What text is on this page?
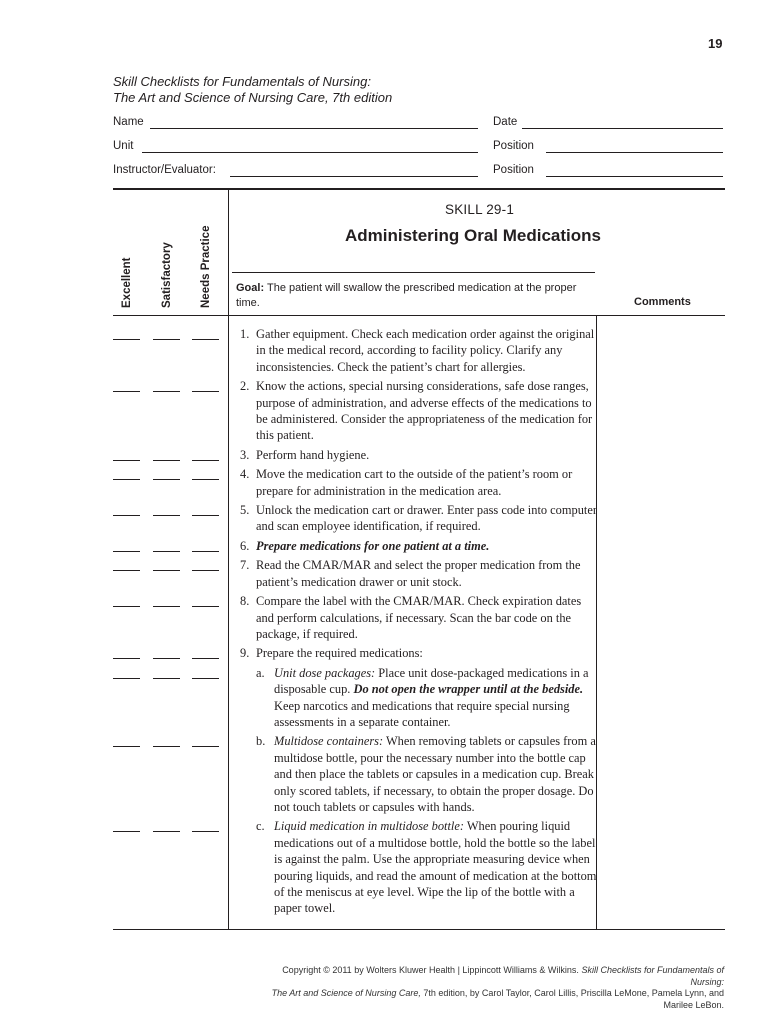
19
Skill Checklists for Fundamentals of Nursing:
The Art and Science of Nursing Care, 7th edition
Name	Date
Unit	Position
Instructor/Evaluator:	Position
Excellent Satisfactory Needs Practice
SKILL 29-1
Administering Oral Medications
Goal: The patient will swallow the prescribed medication at the proper time.	Comments
1. Gather equipment. Check each medication order against the original in the medical record, according to facility policy. Clarify any inconsistencies. Check the patient’s chart for allergies.
2. Know the actions, special nursing considerations, safe dose ranges, purpose of administration, and adverse effects of the medications to be administered. Consider the appropriateness of the medication for this patient.
3. Perform hand hygiene.
4. Move the medication cart to the outside of the patient’s room or prepare for administration in the medication area.
5. Unlock the medication cart or drawer. Enter pass code into computer and scan employee identification, if required.
6. Prepare medications for one patient at a time.
7. Read the CMAR/MAR and select the proper medication from the patient’s medication drawer or unit stock.
8. Compare the label with the CMAR/MAR. Check expiration dates and perform calculations, if necessary. Scan the bar code on the package, if required.
9. Prepare the required medications:
a. Unit dose packages: Place unit dose-packaged medications in a disposable cup. Do not open the wrapper until at the bedside. Keep narcotics and medications that require special nursing assessments in a separate container.
b. Multidose containers: When removing tablets or capsules from a multidose bottle, pour the necessary number into the bottle cap and then place the tablets or capsules in a medication cup. Break only scored tablets, if necessary, to obtain the proper dosage. Do not touch tablets or capsules with hands.
c. Liquid medication in multidose bottle: When pouring liquid medications out of a multidose bottle, hold the bottle so the label is against the palm. Use the appropriate measuring device when pouring liquids, and read the amount of medication at the bottom of the meniscus at eye level. Wipe the lip of the bottle with a paper towel.
Copyright © 2011 by Wolters Kluwer Health | Lippincott Williams & Wilkins. Skill Checklists for Fundamentals of Nursing:
The Art and Science of Nursing Care, 7th edition, by Carol Taylor, Carol Lillis, Priscilla LeMone, Pamela Lynn, and Marilee LeBon.
